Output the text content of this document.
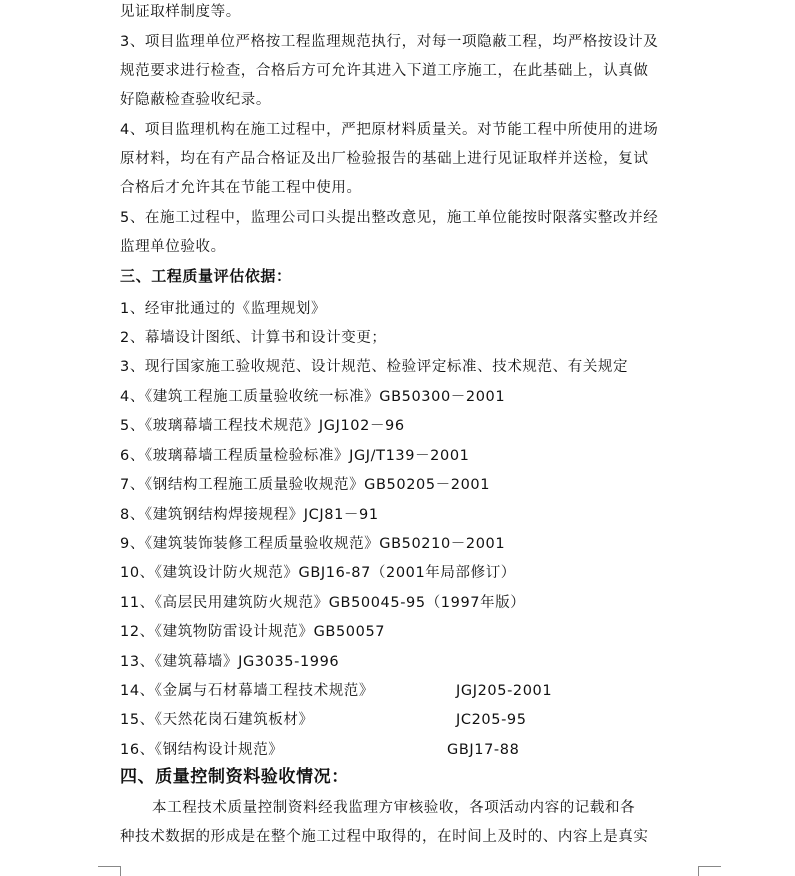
见证取样制度等。
3、项目监理单位严格按工程监理规范执行，对每一项隐蔽工程，均严格按设计及
规范要求进行检查，合格后方可允许其进入下道工序施工，在此基础上，认真做
好隐蔽检查验收纪录。
4、项目监理机构在施工过程中，严把原材料质量关。对节能工程中所使用的进场
原材料，均在有产品合格证及出厂检验报告的基础上进行见证取样并送检，复试
合格后才允许其在节能工程中使用。
5、在施工过程中，监理公司口头提出整改意见，施工单位能按时限落实整改并经
监理单位验收。
三、工程质量评估依据：
1、经审批通过的《监理规划》
2、幕墙设计图纸、计算书和设计变更；
3、现行国家施工验收规范、设计规范、检验评定标准、技术规范、有关规定
4、《建筑工程施工质量验收统一标准》GB50300－2001
5、《玻璃幕墙工程技术规范》JGJ102－96
6、《玻璃幕墙工程质量检验标准》JGJ/T139－2001
7、《钢结构工程施工质量验收规范》GB50205－2001
8、《建筑钢结构焊接规程》JCJ81－91
9、《建筑装饰装修工程质量验收规范》GB50210－2001
10、《建筑设计防火规范》GBJ16-87（2001年局部修订）
11、《高层民用建筑防火规范》GB50045-95（1997年版）
12、《建筑物防雷设计规范》GB50057
13、《建筑幕墙》JG3035-1996
14、《金属与石材幕墙工程技术规范》	JGJ205-2001
15、《天然花岗石建筑板材》	JC205-95
16、《钢结构设计规范》	GBJ17-88
四、质量控制资料验收情况：
本工程技术质量控制资料经我监理方审核验收，各项活动内容的记载和各
种技术数据的形成是在整个施工过程中取得的，在时间上及时的、内容上是真实
